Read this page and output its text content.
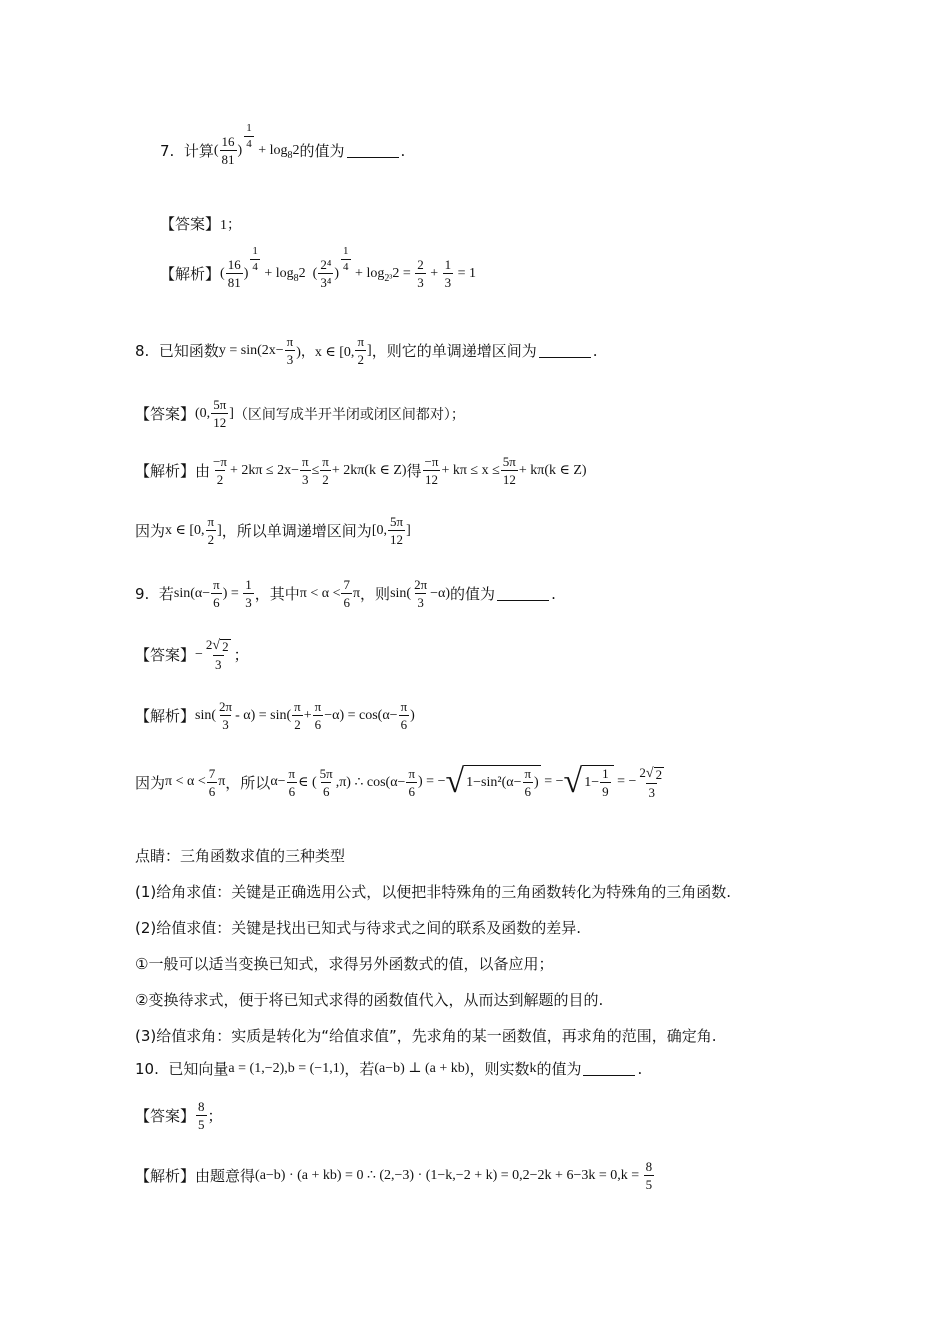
7.
计算 ( $\frac{16}{81}$ ) $\frac{1}{4}$
+ log 8 2 的值为	.
【答案】 1；
【解析】 ( $\frac{16}{81}$ ) $\frac{1}{4}$
+ log 8 2 ( $\frac{\text{2⁴}}{\text{3⁴}}$ ) $\frac{1}{4}$
+ log 2³ 2 =
$\frac{2}{3}$
+
$\frac{1}{3}$
= 1
8.
已知函数 $y = \sin(2x- \frac{\pi}{3}$ )，x ∈ [0, $\frac{\pi}{2}$ ] ，则它的单调递增区间为	.
【答案】 (0, $\frac{5\pi}{12}$ ] （区间写成半开半闭或闭区间都对）；
【解析】 由 $\frac{-\pi}{2} + 2k\pi \le 2x- \frac{\pi}{3} \le \frac{\pi}{2} + 2k\pi(k$ ∈ Z) 得 $\frac{-\pi}{12} + k\pi \le x \le \frac{5\pi}{12} + k\pi(k$ ∈ Z)
因为 x ∈ [0, $\frac{\pi}{2}$ ] ，所以单调递增区间为 [0, $\frac{5\pi}{12}$ ]
9.
若 $\sin(\alpha- \frac{\pi}{6}$ ) =
$\frac{1}{3}$ ，其中 $\pi < \alpha < \frac{7}{6}$ π ，则 $\sin( \frac{2\pi}{3} -\alpha)$ 的值为	.
【答案】 − $\frac{2 √ 2}{3}$ ；
【解析】 $\sin( \frac{2\pi}{3} - \alpha) = \sin( \frac{\pi}{2} + \frac{\pi}{6} -\alpha) = \cos(\alpha- \frac{\pi}{6}$ )
因为 $\pi < \alpha < \frac{7}{6}$ π ，所以 $\alpha- \frac{\pi}{6}$ ∈ ( $\frac{5\pi}{6} ,\pi$) ∴ $\cos(\alpha- \frac{\pi}{6}$ ) = − √ $1-\sin^2(\alpha- \frac{\pi}{6}$ )
= − √ $1- \frac{1}{9}$
= − $\frac{2 √ 2}{3}$
点睛：三角函数求值的三种类型
(1)给角求值：关键是正确选用公式，以便把非特殊角的三角函数转化为特殊角的三角函数.
(2)给值求值：关键是找出已知式与待求式之间的联系及函数的差异.
①一般可以适当变换已知式，求得另外函数式的值，以备应用；
②变换待求式，便于将已知式求得的函数值代入，从而达到解题的目的.
(3)给值求角：实质是转化为“给值求值”，先求角的某一函数值，再求角的范围，确定角.
10.
已知向量 a = (1,−2),b = (−1,1) ，若 (a−b) ⊥ (a + kb) ，则实数 k 的值为	.
【答案】 $\frac{8}{5}$ ；
【解析】 由题意得 (a−b) · (a + kb) = 0 ∴ (2,−3) · (1−k,−2 + k) = 0,2−2k + 6−3k = 0,k =
$\frac{8}{5}$
